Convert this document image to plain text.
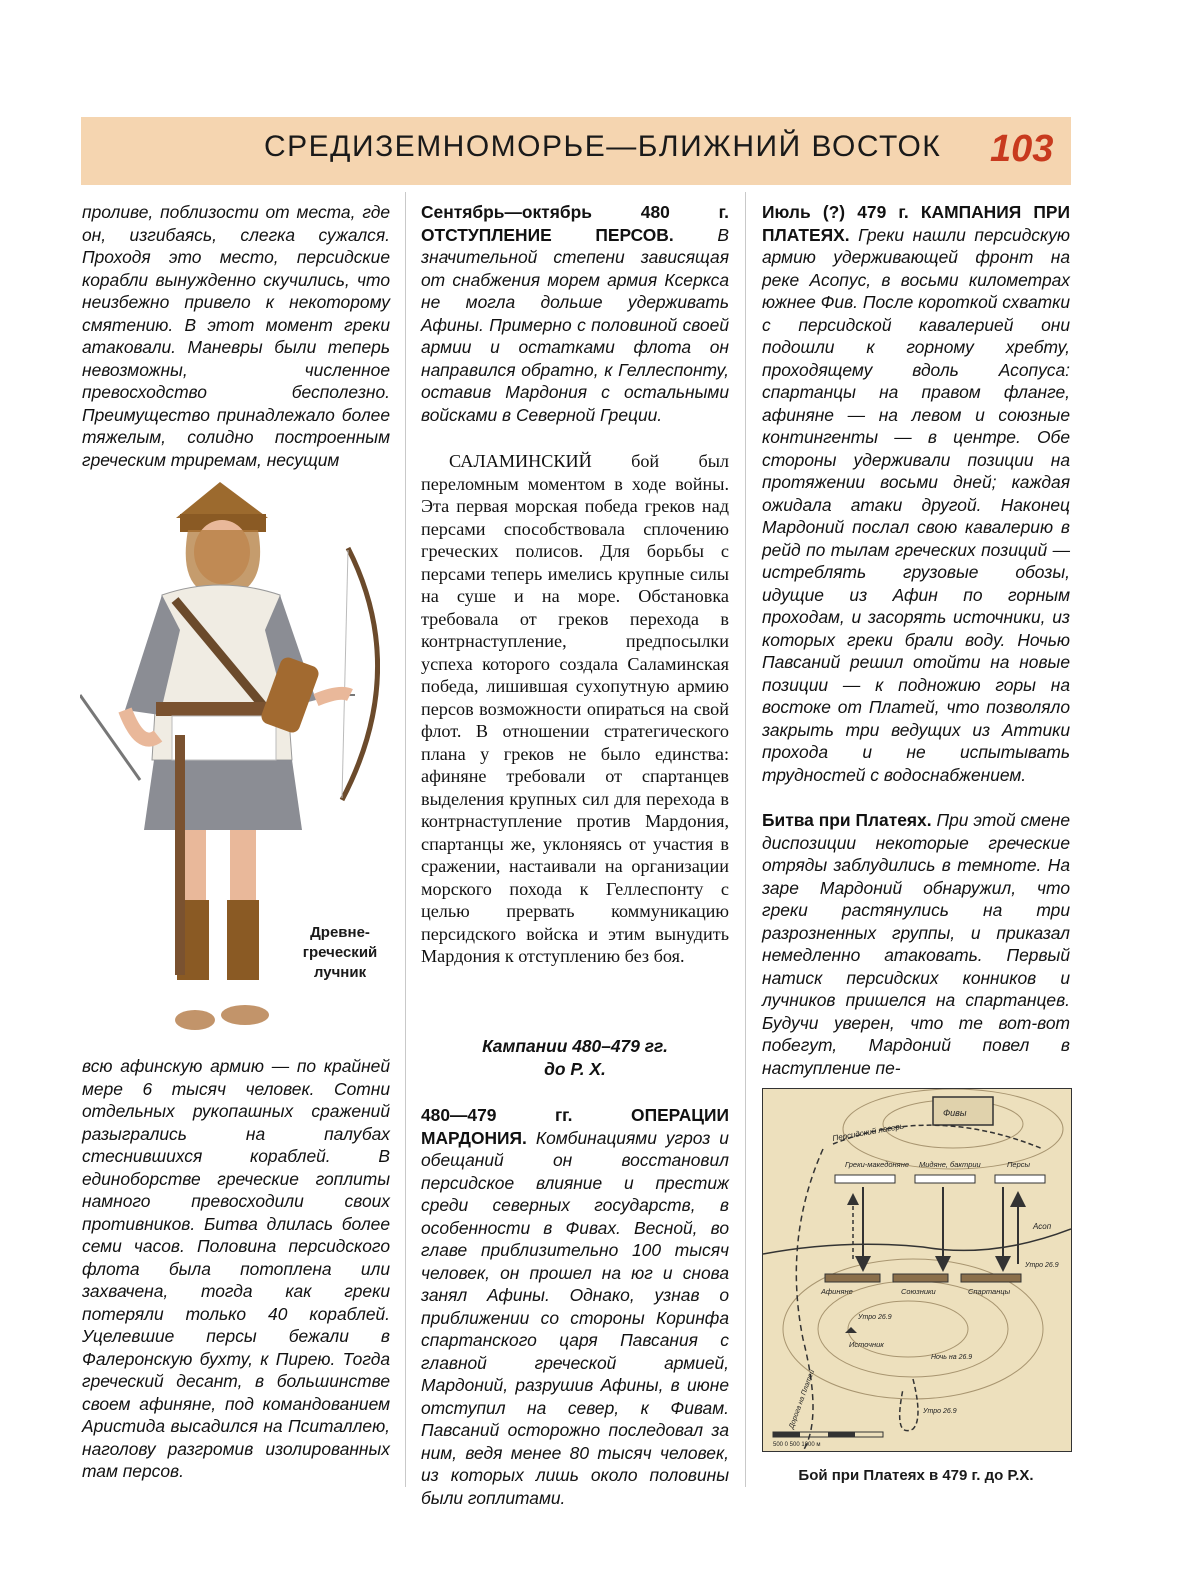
СРЕДИЗЕМНОМОРЬЕ—БЛИЖНИЙ ВОСТОК 103
проливе, поблизости от места, где он, изгибаясь, слегка сужался. Проходя это место, персидские корабли вынужденно скучились, что неизбежно привело к некоторому смятению. В этот момент греки атаковали. Маневры были теперь невозможны, численное превосходство бесполезно. Преимущество принадлежало более тяжелым, солидно построенным греческим триремам, несущим
Древне-
греческий
лучник
всю афинскую армию — по крайней мере 6 тысяч человек. Сотни отдельных рукопашных сражений разыгрались на палубах стеснившихся кораблей. В единоборстве греческие гоплиты намного превосходили своих противников. Битва длилась более семи часов. Половина персидского флота была потоплена или захвачена, тогда как греки потеряли только 40 кораблей. Уцелевшие персы бежали в Фалеронскую бухту, к Пирею. Тогда греческий десант, в большинстве своем афиняне, под командованием Аристида высадился на Пситаллею, наголову разгромив изолированных там персов.
Сентябрь—октябрь 480 г. ОТСТУПЛЕНИЕ ПЕРСОВ.	В значительной степени зависящая от снабжения морем армия Ксеркса не могла дольше удерживать Афины. Примерно с половиной своей армии и остатками флота он направился обратно, к Геллеспонту, оставив Мардония с остальными войсками в Северной Греции.
САЛАМИНСКИЙ бой был переломным моментом в ходе войны. Эта первая морская победа греков над персами способствовала сплочению греческих полисов. Для борьбы с персами теперь имелись крупные силы на суше и на море. Обстановка требовала от греков перехода в контрнаступление, предпосылки успеха которого создала Саламинская победа, лишившая сухопутную армию персов возможности опираться на свой флот. В отношении стратегического плана у греков не было единства: афиняне требовали от спартанцев выделения крупных сил для перехода в контрнаступление против Мардония, спартанцы же, уклоняясь от участия в сражении, настаивали на организации морского похода к Геллеспонту с целью прервать коммуникацию персидского войска и этим вынудить Мардония к отступлению без боя.
Кампании 480–479 гг.
до Р. Х.
480—479 гг. ОПЕРАЦИИ МАРДОНИЯ. Комбинациями угроз и обещаний он восстановил персидское влияние и престиж среди северных государств, в особенности в Фивах. Весной, во главе приблизительно 100 тысяч человек, он прошел на юг и снова занял Афины. Однако, узнав о приближении со стороны Коринфа спартанского царя Павсания с главной греческой армией, Мардоний, разрушив Афины, в июне отступил на север, к Фивам. Павсаний осторожно последовал за ним, ведя менее 80 тысяч человек, из которых лишь около половины были гоплитами.
Июль (?) 479 г. КАМПАНИЯ ПРИ ПЛАТЕЯХ. Греки нашли персидскую армию удерживающей фронт на реке Асопус, в восьми километрах южнее Фив. После короткой схватки с персидской кавалерией они подошли к горному хребту, проходящему вдоль Асопуса: спартанцы на правом фланге, афиняне — на левом и союзные контингенты — в центре. Обе стороны удерживали позиции на протяжении восьми дней; каждая ожидала атаки другой. Наконец Мардоний послал свою кавалерию в рейд по тылам греческих позиций — истреблять грузовые обозы, идущие из Афин по горным проходам, и засорять источники, из которых греки брали воду. Ночью Павсаний решил отойти на новые позиции — к подножию горы на востоке от Платей, что позволяло закрыть три ведущих из Аттики прохода и не испытывать трудностей с водоснабжением.
Битва при Платеях. При этой смене диспозиции некоторые греческие отряды заблудились в темноте. На заре Мардоний обнаружил, что греки растянулись на три разрозненных группы, и приказал немедленно атаковать. Первый натиск персидских конников и лучников пришелся на спартанцев. Будучи уверен, что те вот-вот побегут, Мардоний повел в наступление пе-
Фивы
Персидский лагерь
Греки-македоняне Мидяне, бактрии	Персы
Асоп
Афиняне	Союзники	Спартанцы
Утро 26.9
Утро 26.9
Источник
Ночь на 26.9
Утро 26.9
Дорога на Платеи
500 0 500 1000 м
Бой при Платеях в 479 г. до Р.Х.
